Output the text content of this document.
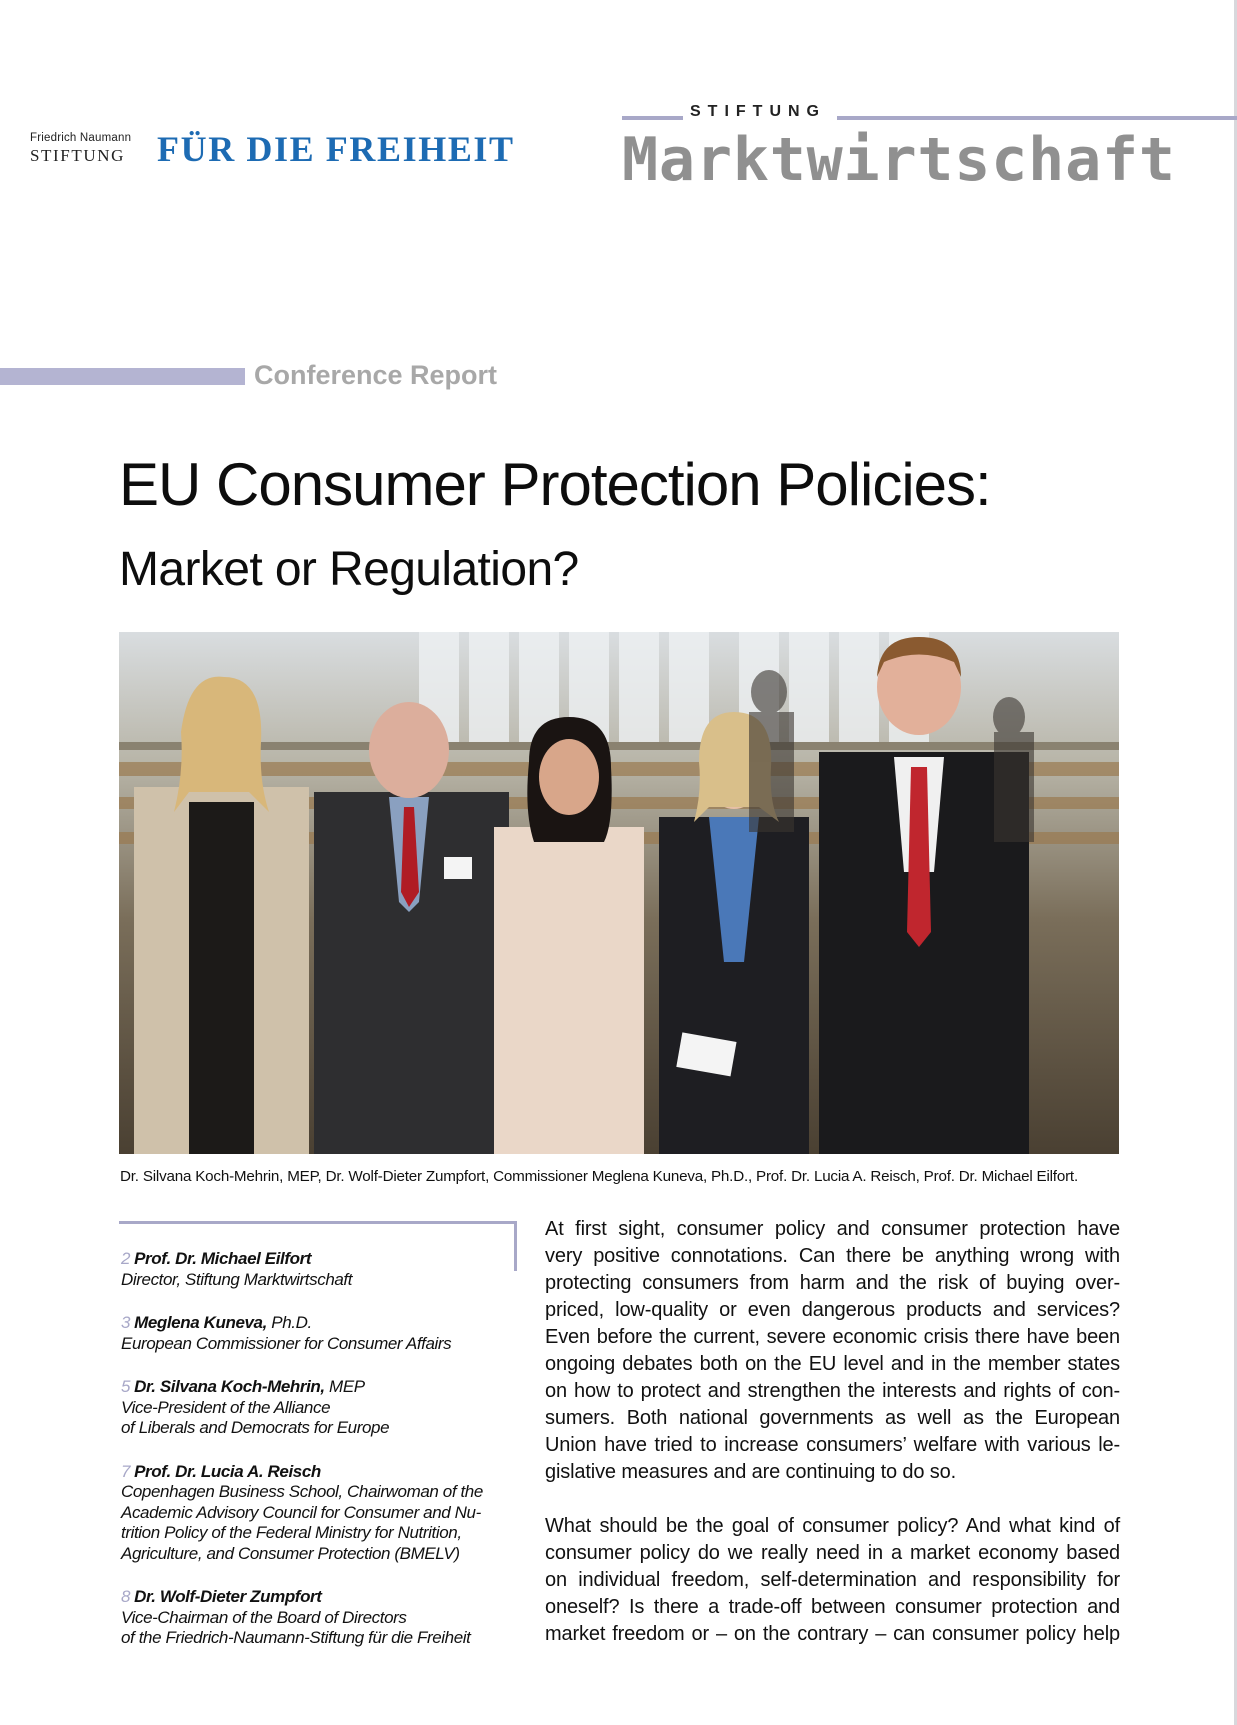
Friedrich Naumann
STIFTUNG FÜR DIE FREIHEIT
STIFTUNG
Marktwirtschaft
Conference Report
EU Consumer Protection Policies:
Market or Regulation?
Dr. Silvana Koch-Mehrin, MEP, Dr. Wolf-Dieter Zumpfort, Commissioner Meglena Kuneva, Ph.D., Prof. Dr. Lucia A. Reisch, Prof. Dr. Michael Eilfort.
2 Prof. Dr. Michael Eilfort
Director, Stiftung Marktwirtschaft
3 Meglena Kuneva, Ph.D.
European Commissioner for Consumer Affairs
5 Dr. Silvana Koch-Mehrin, MEP
Vice-President of the Alliance
of Liberals and Democrats for Europe
7 Prof. Dr. Lucia A. Reisch
Copenhagen Business School, Chairwoman of the
Academic Advisory Council for Consumer and Nu-
trition Policy of the Federal Ministry for Nutrition,
Agriculture, and Consumer Protection (BMELV)
8 Dr. Wolf-Dieter Zumpfort
Vice-Chairman of the Board of Directors
of the Friedrich-Naumann-Stiftung für die Freiheit

At first sight, consumer policy and consumer protection have
very positive connotations. Can there be anything wrong with
protecting consumers from harm and the risk of buying over-
priced, low-quality or even dangerous products and services?
Even before the current, severe economic crisis there have been
ongoing debates both on the EU level and in the member states
on how to protect and strengthen the interests and rights of con-
sumers. Both national governments as well as the European
Union have tried to increase consumers’ welfare with various le-
gislative measures and are continuing to do so.

What should be the goal of consumer policy? And what kind of
consumer policy do we really need in a market economy based
on individual freedom, self-determination and responsibility for
oneself? Is there a trade-off between consumer protection and
market freedom or – on the contrary – can consumer policy help
